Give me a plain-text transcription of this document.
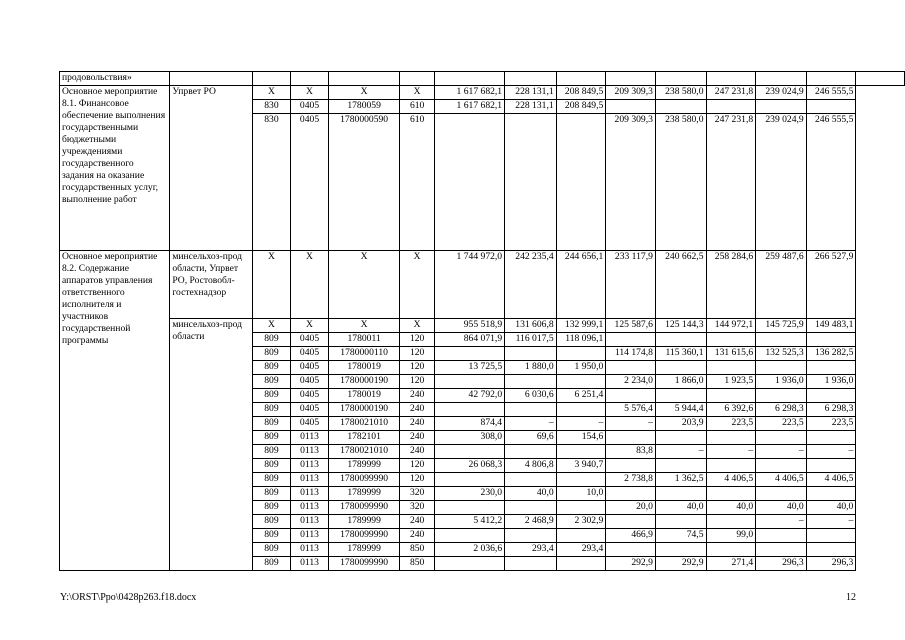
продовольствия»														
Основное мероприятие 8.1. Финансовое обеспечение выполнения государственными бюджетными учреждениями государственного задания на оказание государственных услуг, выполнение работ	Упрвет РО	X	X	X	X	1 617 682,1	228 131,1	208 849,5	209 309,3	238 580,0	247 231,8	239 024,9	246 555,5	
		830	0405	1780059	610	1 617 682,1	228 131,1	208 849,5						
		830	0405	1780000590	610				209 309,3	238 580,0	247 231,8	239 024,9	246 555,5	
Основное мероприятие 8.2. Содержание аппаратов управления ответственного исполнителя и участников государственной программы	минсельхоз-прод области, Упрвет РО, Ростовобл-гостехнадзор	X	X	X	X	1 744 972,0	242 235,4	244 656,1	233 117,9	240 662,5	258 284,6	259 487,6	266 527,9	
	минсельхоз-прод области	X	X	X	X	955 518,9	131 606,8	132 999,1	125 587,6	125 144,3	144 972,1	145 725,9	149 483,1	
		809	0405	1780011	120	864 071,9	116 017,5	118 096,1						
		809	0405	1780000110	120				114 174,8	115 360,1	131 615,6	132 525,3	136 282,5	
		809	0405	1780019	120	13 725,5	1 880,0	1 950,0						
		809	0405	1780000190	120				2 234,0	1 866,0	1 923,5	1 936,0	1 936,0	
		809	0405	1780019	240	42 792,0	6 030,6	6 251,4						
		809	0405	1780000190	240				5 576,4	5 944,4	6 392,6	6 298,3	6 298,3	
		809	0405	1780021010	240	874,4	–	–	–	203,9	223,5	223,5	223,5	
		809	0113	1782101	240	308,0	69,6	154,6						
		809	0113	1780021010	240				83,8	–	–	–	–	
		809	0113	1789999	120	26 068,3	4 806,8	3 940,7						
		809	0113	1780099990	120				2 738,8	1 362,5	4 406,5	4 406,5	4 406,5	
		809	0113	1789999	320	230,0	40,0	10,0						
		809	0113	1780099990	320				20,0	40,0	40,0	40,0	40,0	
		809	0113	1789999	240	5 412,2	2 468,9	2 302,9				–	–	
		809	0113	1780099990	240				466,9	74,5	99,0			
		809	0113	1789999	850	2 036,6	293,4	293,4						
		809	0113	1780099990	850				292,9	292,9	271,4	296,3	296,3	
Y:\ORST\Ppo\0428p263.f18.docx	12
